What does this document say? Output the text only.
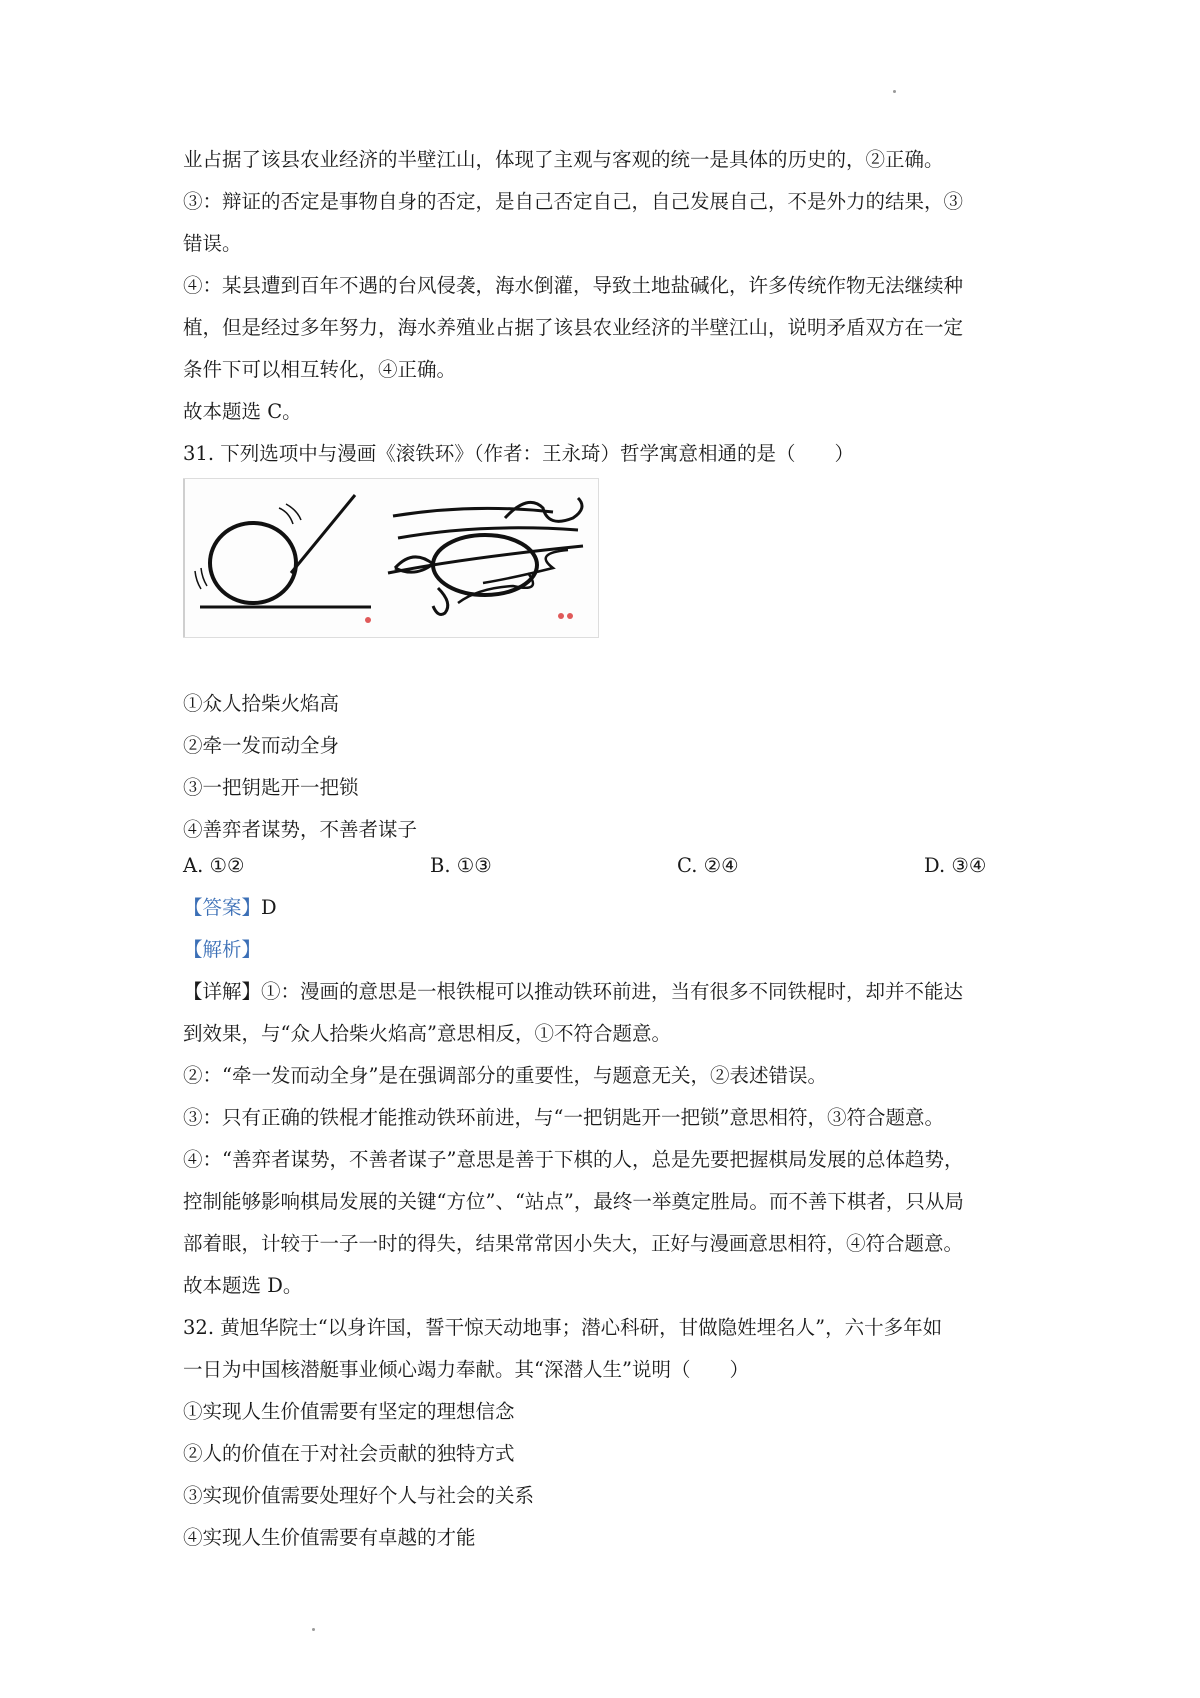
业占据了该县农业经济的半壁江山，体现了主观与客观的统一是具体的历史的，②正确。
③：辩证的否定是事物自身的否定，是自己否定自己，自己发展自己，不是外力的结果，③
错误。
④：某县遭到百年不遇的台风侵袭，海水倒灌，导致土地盐碱化，许多传统作物无法继续种
植，但是经过多年努力，海水养殖业占据了该县农业经济的半壁江山，说明矛盾双方在一定
条件下可以相互转化，④正确。
故本题选 C。
31. 下列选项中与漫画《滚铁环》（作者：王永琦）哲学寓意相通的是（　　）
①众人拾柴火焰高
②牵一发而动全身
③一把钥匙开一把锁
④善弈者谋势，不善者谋子
A. ①②	B. ①③	C. ②④	D. ③④
【答案】D
【解析】
【详解】①：漫画的意思是一根铁棍可以推动铁环前进，当有很多不同铁棍时，却并不能达
到效果，与“众人拾柴火焰高”意思相反，①不符合题意。
②：“牵一发而动全身”是在强调部分的重要性，与题意无关，②表述错误。
③：只有正确的铁棍才能推动铁环前进，与“一把钥匙开一把锁”意思相符，③符合题意。
④：“善弈者谋势，不善者谋子”意思是善于下棋的人，总是先要把握棋局发展的总体趋势，
控制能够影响棋局发展的关键“方位”、“站点”，最终一举奠定胜局。而不善下棋者，只从局
部着眼，计较于一子一时的得失，结果常常因小失大，正好与漫画意思相符，④符合题意。
故本题选 D。
32. 黄旭华院士“以身许国，誓干惊天动地事；潜心科研，甘做隐姓埋名人”，六十多年如
一日为中国核潜艇事业倾心竭力奉献。其“深潜人生”说明（　　）
①实现人生价值需要有坚定的理想信念
②人的价值在于对社会贡献的独特方式
③实现价值需要处理好个人与社会的关系
④实现人生价值需要有卓越的才能
